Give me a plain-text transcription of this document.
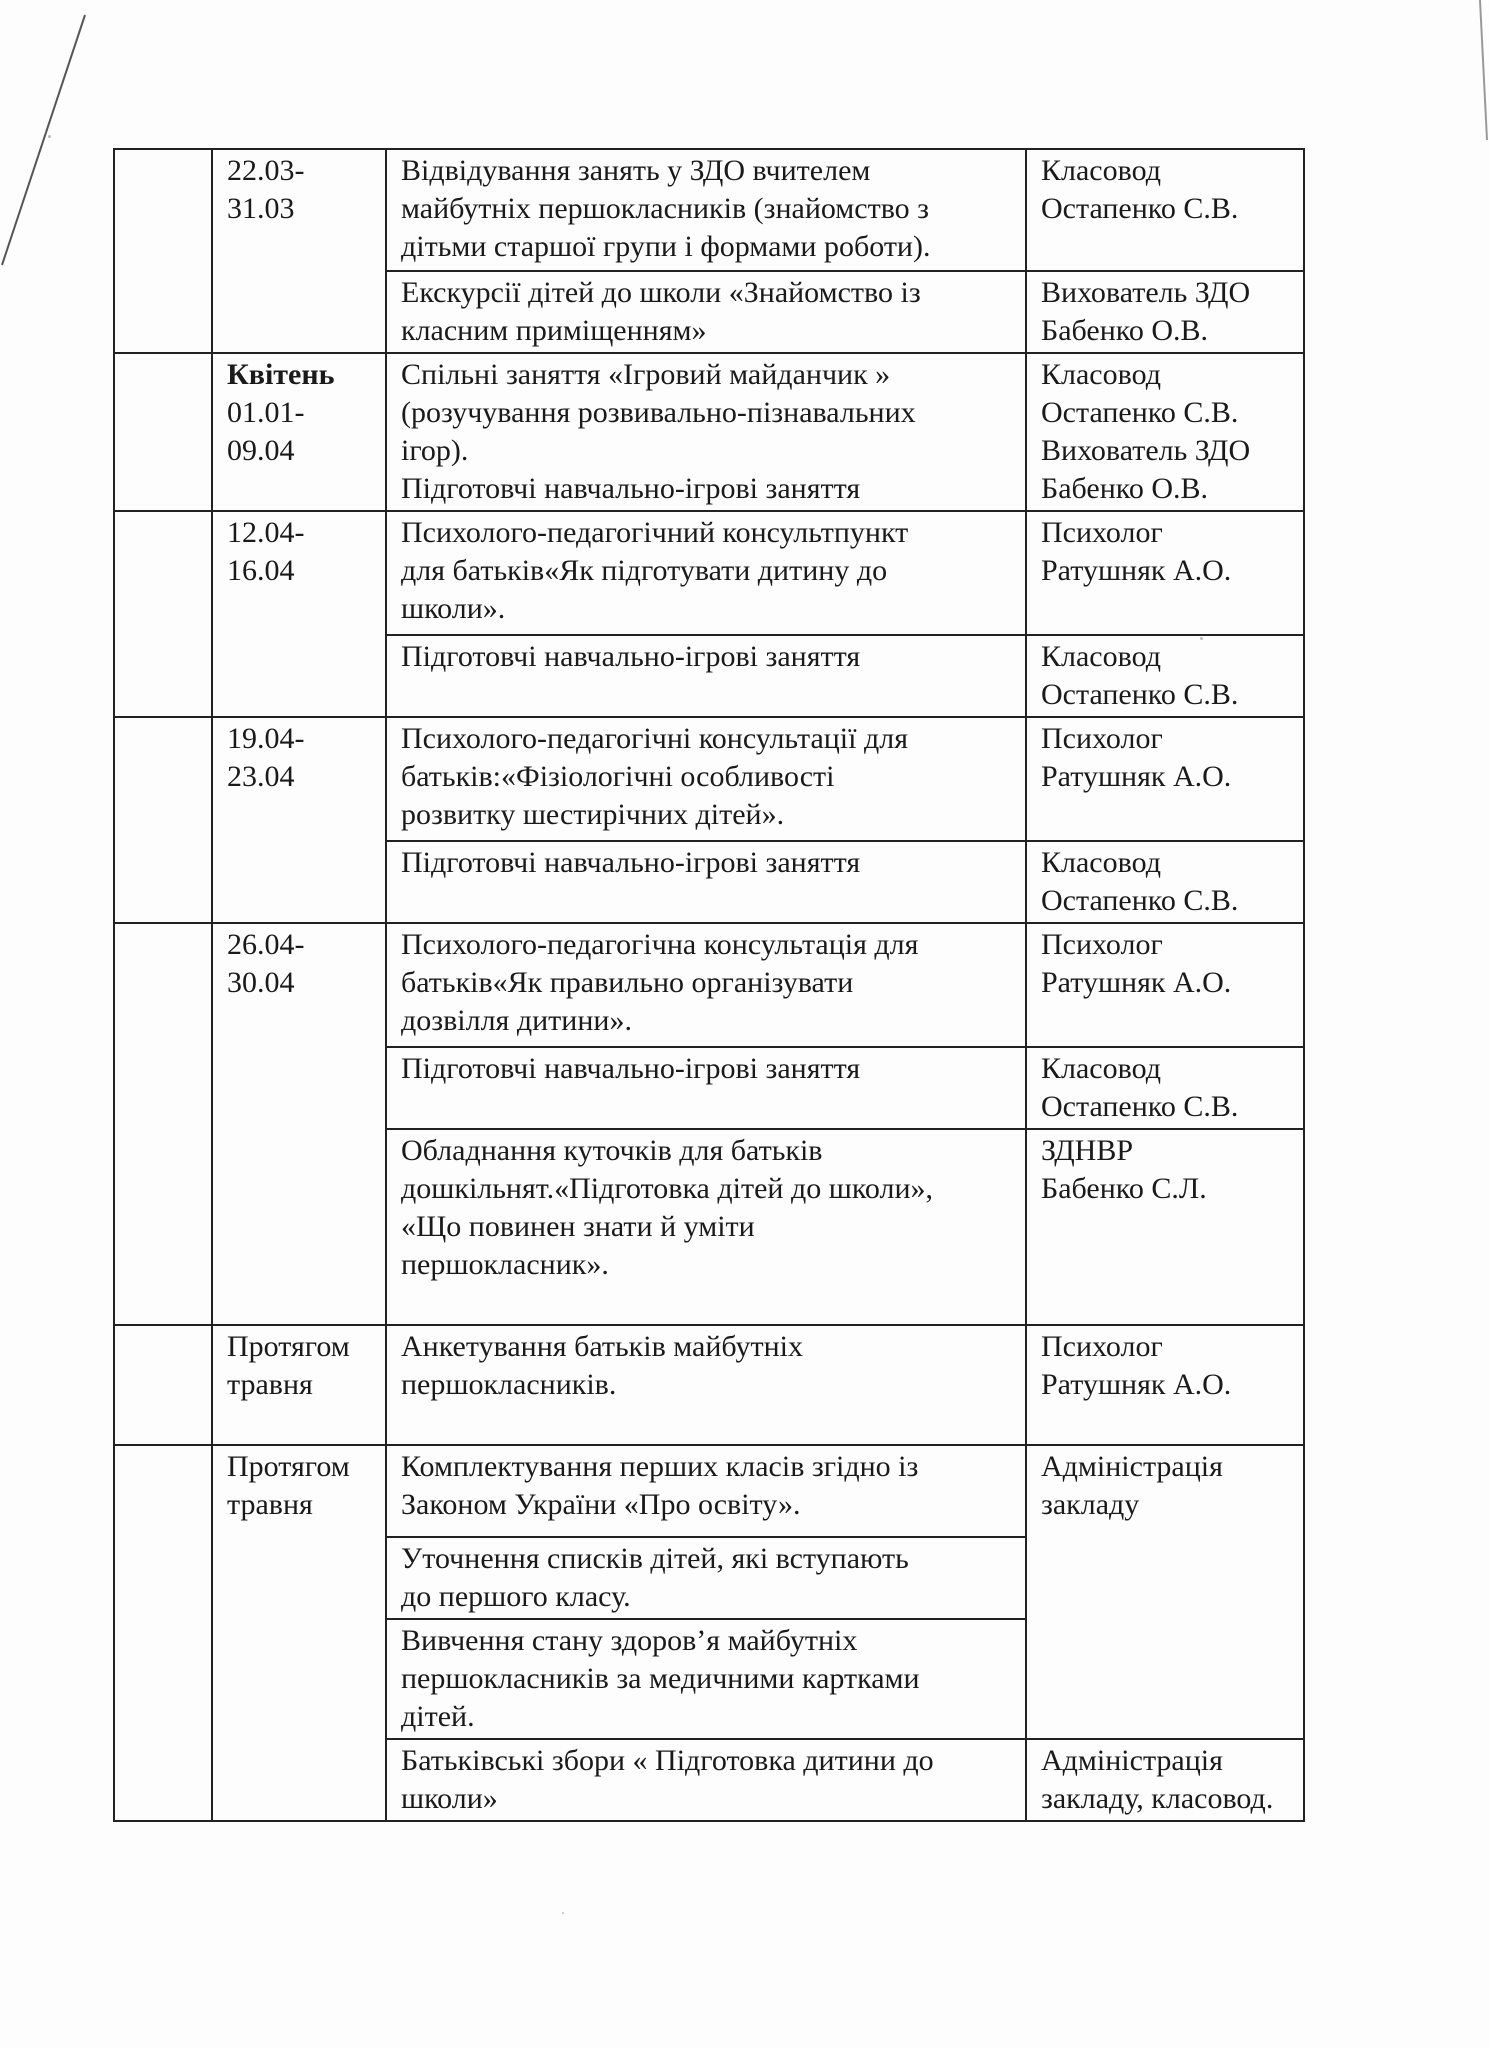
	22.03-
31.03	Відвідування занять у ЗДО вчителем
майбутніх першокласників (знайомство з
дітьми старшої групи і формами роботи).	Класовод
Остапенко С.В.

		Екскурсії дітей до школи «Знайомство із
класним приміщенням»	Вихователь ЗДО
Бабенко О.В.

	Квітень
01.01-
09.04	Спільні заняття «Ігровий майданчик »
(розучування розвивально-пізнавальних
ігор).
Підготовчі навчально-ігрові заняття	Класовод
Остапенко С.В.
Вихователь ЗДО
Бабенко О.В.

	12.04-
16.04	Психолого-педагогічний консультпункт
для батьків«Як підготувати дитину до
школи».	Психолог
Ратушняк А.О.

		Підготовчі навчально-ігрові заняття	Класовод
Остапенко С.В.

	19.04-
23.04	Психолого-педагогічні консультації для
батьків:«Фізіологічні особливості
розвитку шестирічних дітей».	Психолог
Ратушняк А.О.

		Підготовчі навчально-ігрові заняття	Класовод
Остапенко С.В.

	26.04-
30.04	Психолого-педагогічна консультація для
батьків«Як правильно організувати
дозвілля дитини».	Психолог
Ратушняк А.О.

		Підготовчі навчально-ігрові заняття	Класовод
Остапенко С.В.

		Обладнання куточків для батьків
дошкільнят.«Підготовка дітей до школи»,
«Що повинен знати й уміти
першокласник».	ЗДНВР
Бабенко С.Л.

	Протягом
травня	Анкетування батьків майбутніх
першокласників.	Психолог
Ратушняк А.О.

	Протягом
травня	Комплектування перших класів згідно із
Законом України «Про освіту».	Адміністрація
закладу

		Уточнення списків дітей, які вступають
до першого класу.	

		Вивчення стану здоров’я майбутніх
першокласників за медичними картками
дітей.	

		Батьківські збори « Підготовка дитини до
школи»	Адміністрація
закладу, класовод.
